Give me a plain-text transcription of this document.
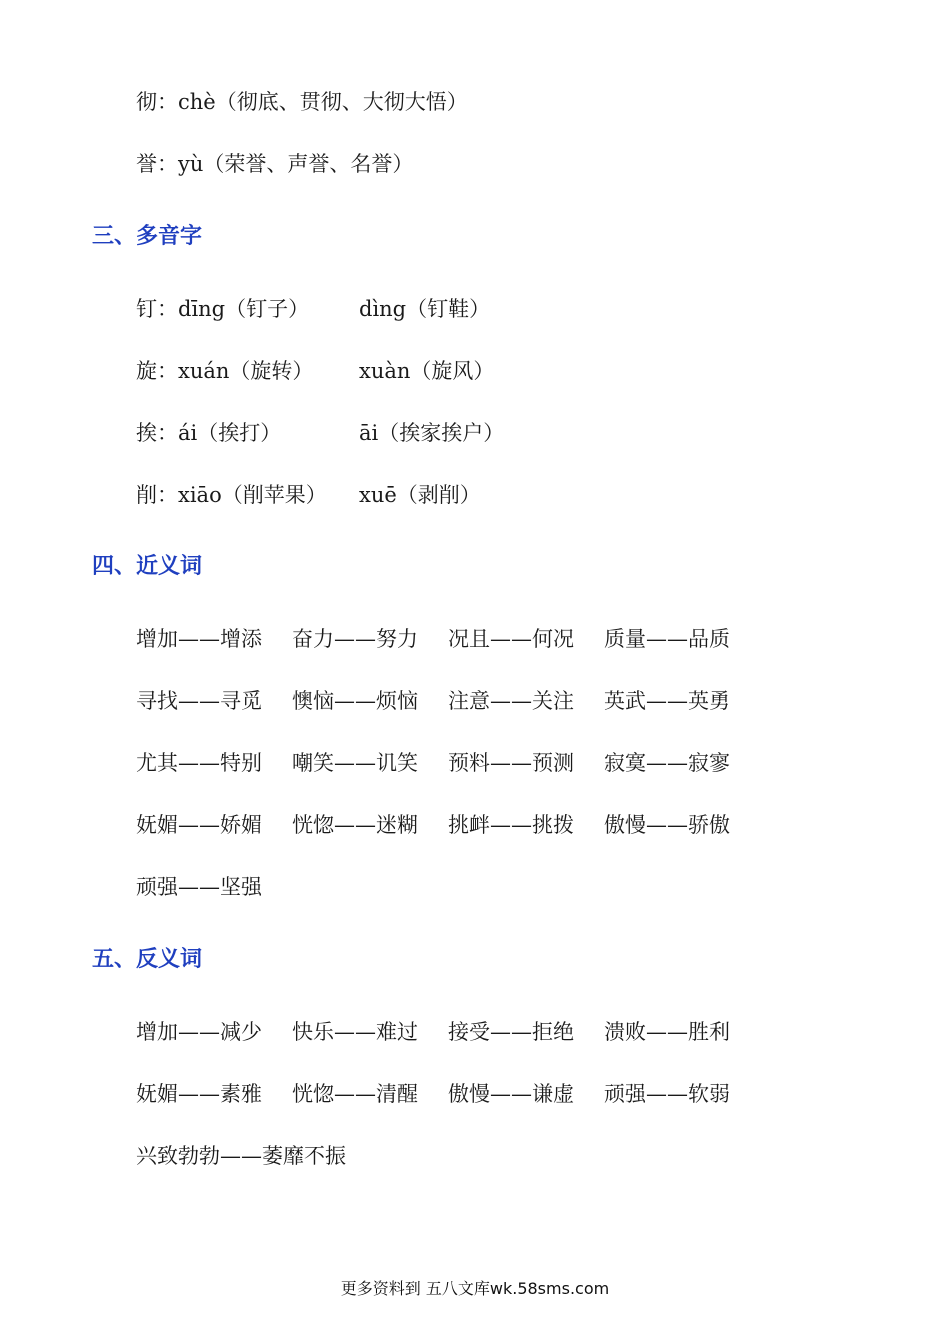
彻：chè（彻底、贯彻、大彻大悟）
誉：yù（荣誉、声誉、名誉）
三、多音字
钉：dīng（钉子） dìng（钉鞋）
旋：xuán（旋转） xuàn（旋风）
挨：ái（挨打）	āi（挨家挨户）
削：xiāo（削苹果） xuē（剥削）
四、近义词
增加——增添 奋力——努力 况且——何况 质量——品质
寻找——寻觅 懊恼——烦恼 注意——关注 英武——英勇
尤其——特别 嘲笑——讥笑 预料——预测 寂寞——寂寥
妩媚——娇媚 恍惚——迷糊 挑衅——挑拨 傲慢——骄傲
顽强——坚强
五、反义词
增加——减少 快乐——难过 接受——拒绝 溃败——胜利
妩媚——素雅 恍惚——清醒 傲慢——谦虚 顽强——软弱
兴致勃勃——萎靡不振
更多资料到 五八文库wk.58sms.com
